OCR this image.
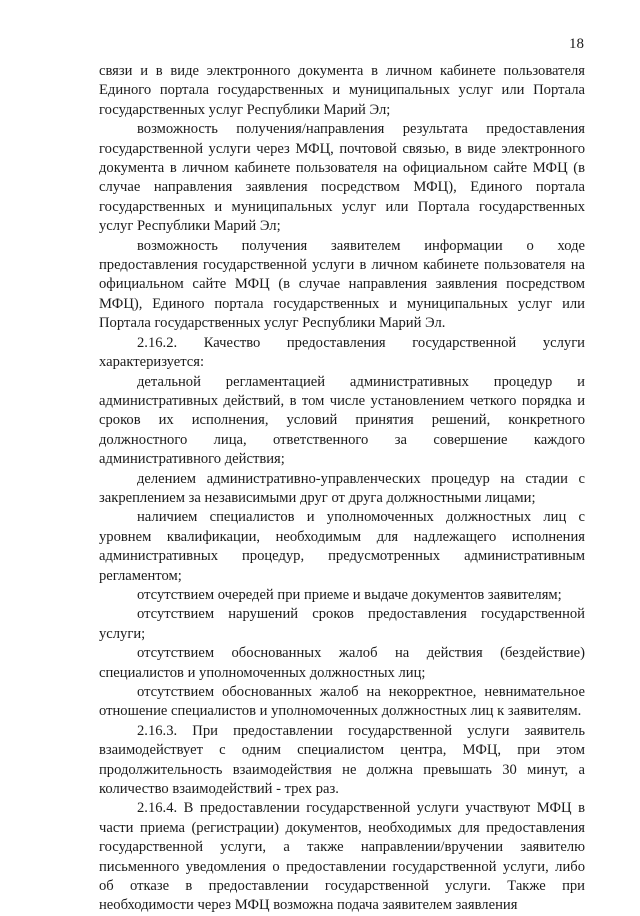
18

связи и в виде электронного документа в личном кабинете пользователя Единого портала государственных и муниципальных услуг или Портала государственных услуг Республики Марий Эл;

возможность получения/направления результата предоставления государственной услуги через МФЦ, почтовой связью, в виде электронного документа в личном кабинете пользователя на официальном сайте МФЦ (в случае направления заявления посредством МФЦ), Единого портала государственных и муниципальных услуг или Портала государственных услуг Республики Марий Эл;

возможность получения заявителем информации о ходе предоставления государственной услуги в личном кабинете пользователя на официальном сайте МФЦ (в случае направления заявления посредством МФЦ), Единого портала государственных и муниципальных услуг или Портала государственных услуг Республики Марий Эл.

2.16.2. Качество предоставления государственной услуги характеризуется:

детальной регламентацией административных процедур и административных действий, в том числе установлением четкого порядка и сроков их исполнения, условий принятия решений, конкретного должностного лица, ответственного за совершение каждого административного действия;

делением административно-управленческих процедур на стадии с закреплением за независимыми друг от друга должностными лицами;

наличием специалистов и уполномоченных должностных лиц с уровнем квалификации, необходимым для надлежащего исполнения административных процедур, предусмотренных административным регламентом;

отсутствием очередей при приеме и выдаче документов заявителям;

отсутствием нарушений сроков предоставления государственной услуги;

отсутствием обоснованных жалоб на действия (бездействие) специалистов и уполномоченных должностных лиц;

отсутствием обоснованных жалоб на некорректное, невнимательное отношение специалистов и уполномоченных должностных лиц к заявителям.

2.16.3. При предоставлении государственной услуги заявитель взаимодействует с одним специалистом центра, МФЦ, при этом продолжительность взаимодействия не должна превышать 30 минут, а количество взаимодействий - трех раз.

2.16.4. В предоставлении государственной услуги участвуют МФЦ в части приема (регистрации) документов, необходимых для предоставления государственной услуги, а также направлении/вручении заявителю письменного уведомления о предоставлении государственной услуги, либо об отказе в предоставлении государственной услуги. Также при необходимости через МФЦ возможна подача заявителем заявления
